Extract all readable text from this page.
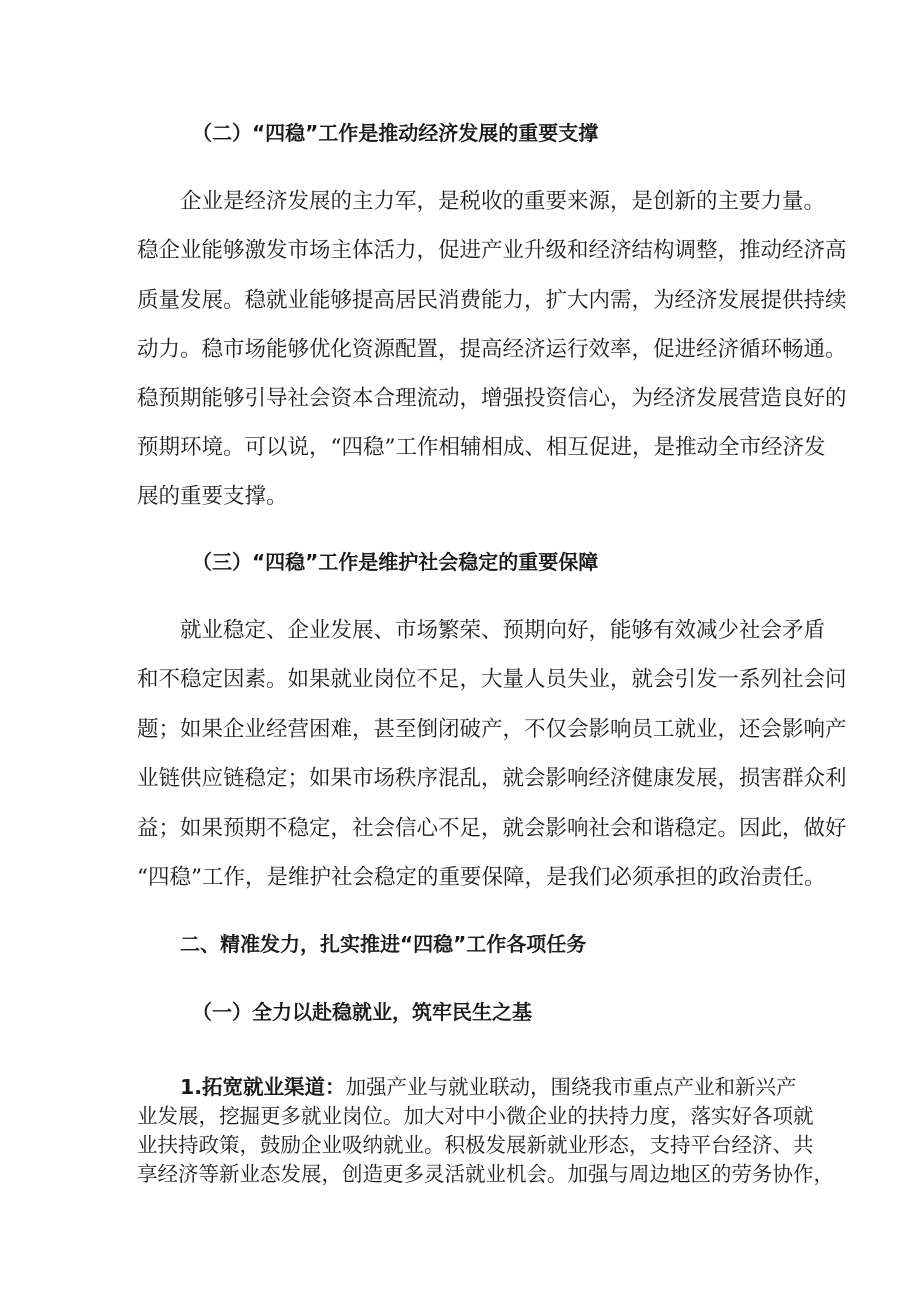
（二）“四稳”工作是推动经济发展的重要支撑
企业是经济发展的主力军，是税收的重要来源，是创新的主要力量。
稳企业能够激发市场主体活力，促进产业升级和经济结构调整，推动经济高
质量发展。稳就业能够提高居民消费能力，扩大内需，为经济发展提供持续
动力。稳市场能够优化资源配置，提高经济运行效率，促进经济循环畅通。
稳预期能够引导社会资本合理流动，增强投资信心，为经济发展营造良好的
预期环境。可以说，“四稳”工作相辅相成、相互促进，是推动全市经济发
展的重要支撑。
（三）“四稳”工作是维护社会稳定的重要保障
就业稳定、企业发展、市场繁荣、预期向好，能够有效减少社会矛盾
和不稳定因素。如果就业岗位不足，大量人员失业，就会引发一系列社会问
题；如果企业经营困难，甚至倒闭破产，不仅会影响员工就业，还会影响产
业链供应链稳定；如果市场秩序混乱，就会影响经济健康发展，损害群众利
益；如果预期不稳定，社会信心不足，就会影响社会和谐稳定。因此，做好
“四稳”工作，是维护社会稳定的重要保障，是我们必须承担的政治责任。
二、精准发力，扎实推进“四稳”工作各项任务
（一）全力以赴稳就业，筑牢民生之基
1.拓宽就业渠道：加强产业与就业联动，围绕我市重点产业和新兴产
业发展，挖掘更多就业岗位。加大对中小微企业的扶持力度，落实好各项就
业扶持政策，鼓励企业吸纳就业。积极发展新就业形态，支持平台经济、共
享经济等新业态发展，创造更多灵活就业机会。加强与周边地区的劳务协作，
